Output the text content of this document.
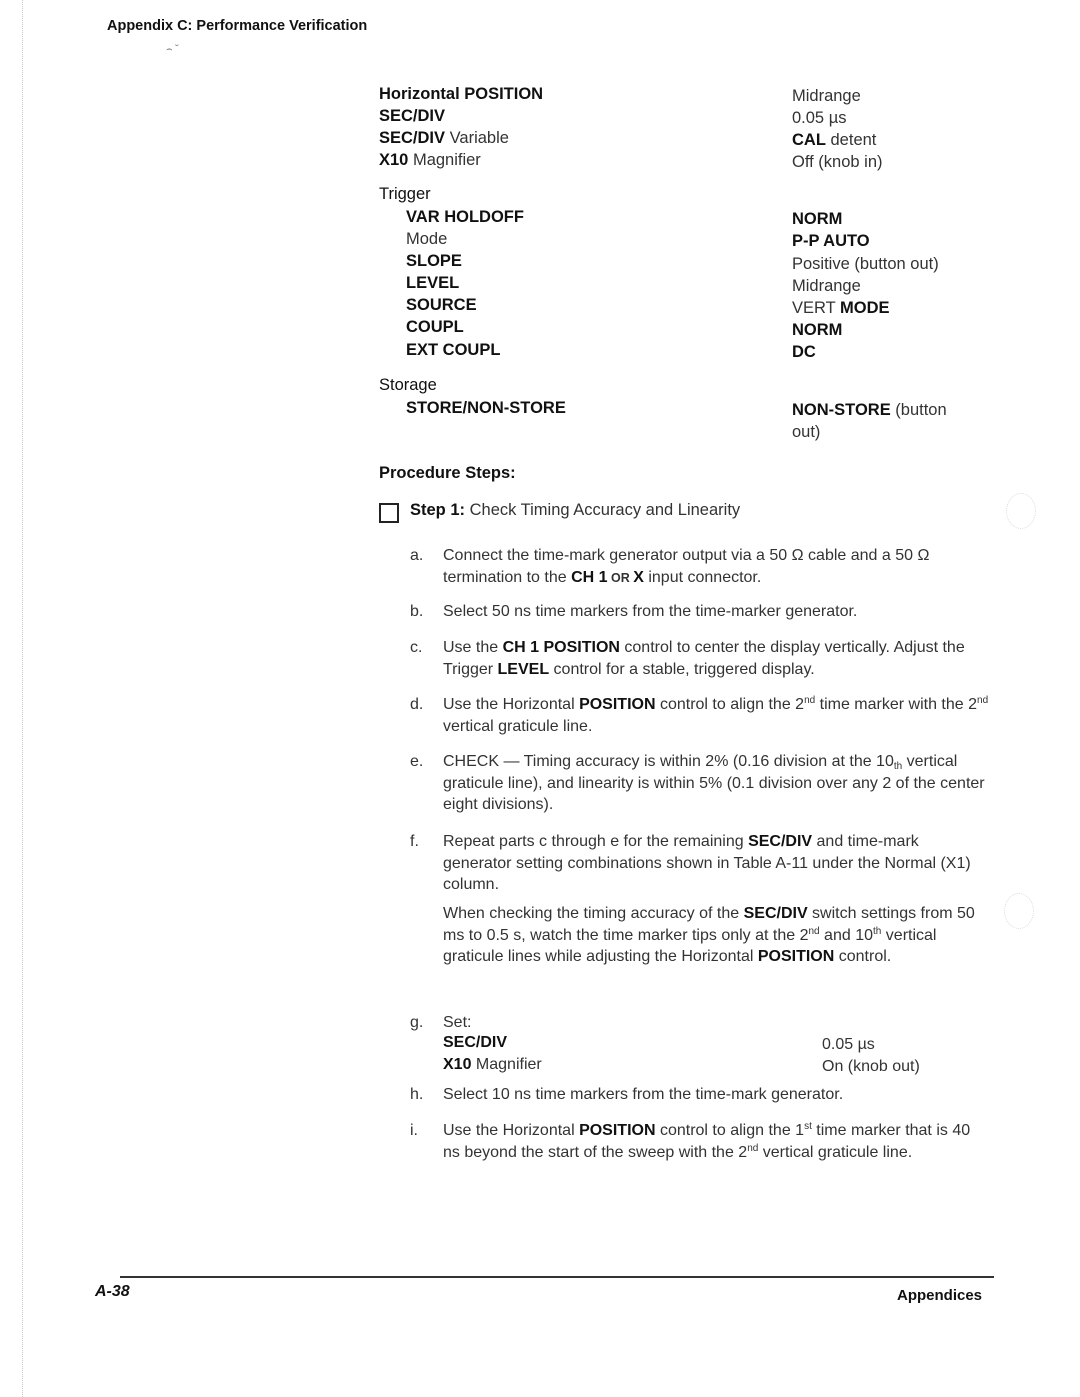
Appendix C: Performance Verification
⌢ ˘
Horizontal POSITION	Midrange
SEC/DIV	0.05 µs
SEC/DIV Variable	CAL detent
X10 Magnifier	Off (knob in)
Trigger
VAR HOLDOFF	NORM
Mode	P-P AUTO
SLOPE	Positive (button out)
LEVEL	Midrange
SOURCE	VERT MODE
COUPL	NORM
EXT COUPL	DC
Storage
STORE/NON-STORE	NON-STORE (button
out)
Procedure Steps:
Step 1: Check Timing Accuracy and Linearity
a.	Connect the time-mark generator output via a 50 Ω cable and a 50 Ω termination to the CH 1 OR X input connector.
b.	Select 50 ns time markers from the time-marker generator.
c.	Use the CH 1 POSITION control to center the display vertically. Adjust the Trigger LEVEL control for a stable, triggered display.
d.	Use the Horizontal POSITION control to align the 2nd time marker with the 2nd vertical graticule line.
e.	CHECK — Timing accuracy is within 2% (0.16 division at the $10_{th}$ vertical graticule line), and linearity is within 5% (0.1 division over any 2 of the center eight divisions).
f.	Repeat parts c through e for the remaining SEC/DIV and time-mark generator setting combinations shown in Table A-11 under the Normal (X1) column.
When checking the timing accuracy of the SEC/DIV switch settings from 50 ms to 0.5 s, watch the time marker tips only at the 2nd and 10th vertical graticule lines while adjusting the Horizontal POSITION control.
g.	Set:
SEC/DIV	0.05 µs
X10 Magnifier	On (knob out)
h.	Select 10 ns time markers from the time-mark generator.
i.	Use the Horizontal POSITION control to align the 1st time marker that is 40 ns beyond the start of the sweep with the 2nd vertical graticule line.
A-38	Appendices
